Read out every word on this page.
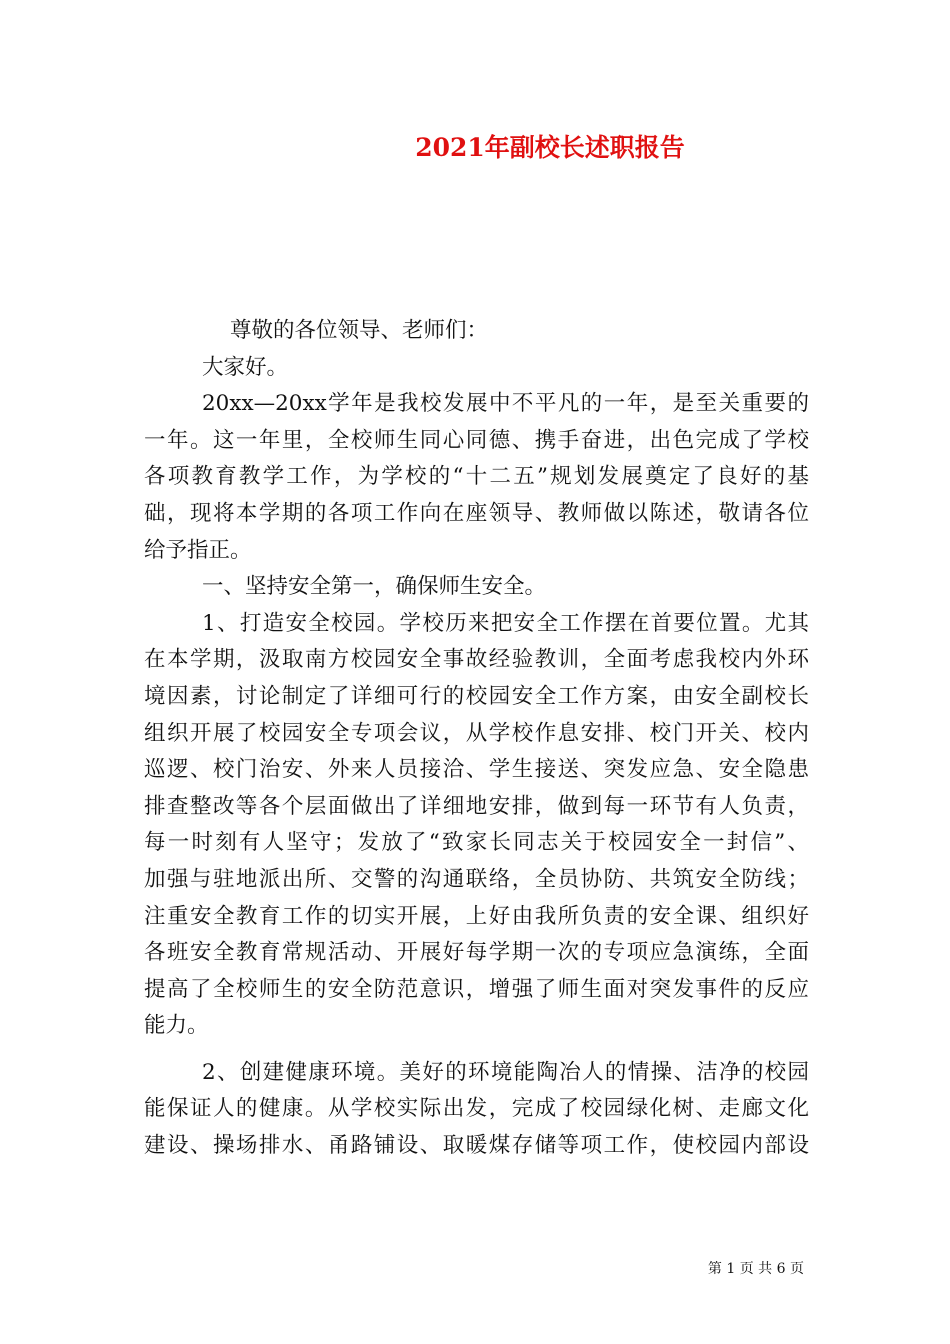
2021年副校长述职报告
尊敬的各位领导、老师们：
大家好。
20xx—20xx学年是我校发展中不平凡的一年，是至关重要的
一年。这一年里，全校师生同心同德、携手奋进，出色完成了学校
各项教育教学工作，为学校的“十二五”规划发展奠定了良好的基
础，现将本学期的各项工作向在座领导、教师做以陈述，敬请各位
给予指正。
一、坚持安全第一，确保师生安全。
1、打造安全校园。学校历来把安全工作摆在首要位置。尤其
在本学期，汲取南方校园安全事故经验教训，全面考虑我校内外环
境因素，讨论制定了详细可行的校园安全工作方案，由安全副校长
组织开展了校园安全专项会议，从学校作息安排、校门开关、校内
巡逻、校门治安、外来人员接洽、学生接送、突发应急、安全隐患
排查整改等各个层面做出了详细地安排，做到每一环节有人负责，
每一时刻有人坚守；发放了“致家长同志关于校园安全一封信”、
加强与驻地派出所、交警的沟通联络，全员协防、共筑安全防线；
注重安全教育工作的切实开展，上好由我所负责的安全课、组织好
各班安全教育常规活动、开展好每学期一次的专项应急演练，全面
提高了全校师生的安全防范意识，增强了师生面对突发事件的反应
能力。
2、创建健康环境。美好的环境能陶冶人的情操、洁净的校园
能保证人的健康。从学校实际出发，完成了校园绿化树、走廊文化
建设、操场排水、甬路铺设、取暖煤存储等项工作，使校园内部设
第 1 页 共 6 页
